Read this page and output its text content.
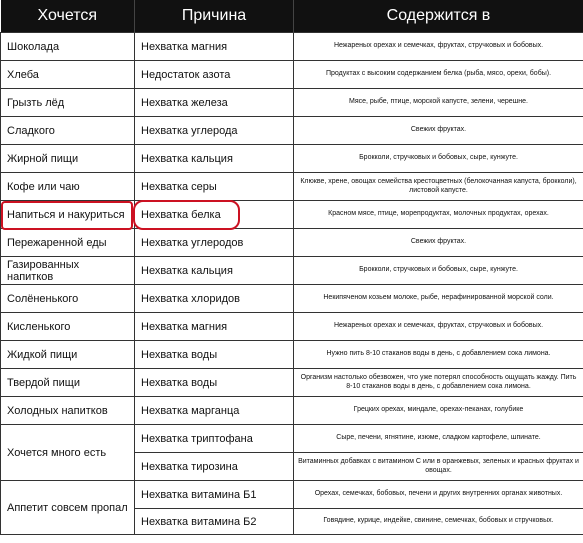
Хочется	Причина	Содержится в
Шоколада	Нехватка магния	Нежареных орехах и семечках, фруктах, стручковых и бобовых.
Хлеба	Недостаток азота	Продуктах с высоким содержанием белка (рыба, мясо, орехи, бобы).
Грызть лёд	Нехватка железа	Мясе, рыбе, птице, морской капусте, зелени, черешне.
Сладкого	Нехватка углерода	Свежих фруктах.
Жирной пищи	Нехватка кальция	Брокколи, стручковых и бобовых, сыре, кунжуте.
Кофе или чаю	Нехватка серы	Клюкве, хрене, овощах семейства крестоцветных (белокочанная капуста, брокколи), листовой капусте.
Напиться и накуриться	Нехватка белка	Красном мясе, птице, морепродуктах, молочных продуктах, орехах.
Пережаренной еды	Нехватка углеродов	Свежих фруктах.
Газированных напитков	Нехватка кальция	Брокколи, стручковых и бобовых, сыре, кунжуте.
Солёненького	Нехватка хлоридов	Некипяченом козьем молоке, рыбе, нерафинированной морской соли.
Кисленького	Нехватка магния	Нежареных орехах и семечках, фруктах, стручковых и бобовых.
Жидкой пищи	Нехватка воды	Нужно пить 8-10 стаканов воды в день, с добавлением сока лимона.
Твердой пищи	Нехватка воды	Организм настолько обезвожен, что уже потерял способность ощущать жажду. Пить 8-10 стаканов воды в день, с добавлением сока лимона.
Холодных напитков	Нехватка марганца	Грецких орехах, миндале, орехах-пеканах, голубике
Хочется много есть	Нехватка триптофана	Сыре, печени, ягнятине, изюме, сладком картофеле, шпинате.
	Нехватка тирозина	Витаминных добавках с витамином С или в оранжевых, зеленых и красных фруктах и овощах.
Аппетит совсем пропал	Нехватка витамина Б1	Орехах, семечках, бобовых, печени и других внутренних органах животных.
	Нехватка витамина Б2	Говядине, курице, индейке, свинине, семечках, бобовых и стручковых.
